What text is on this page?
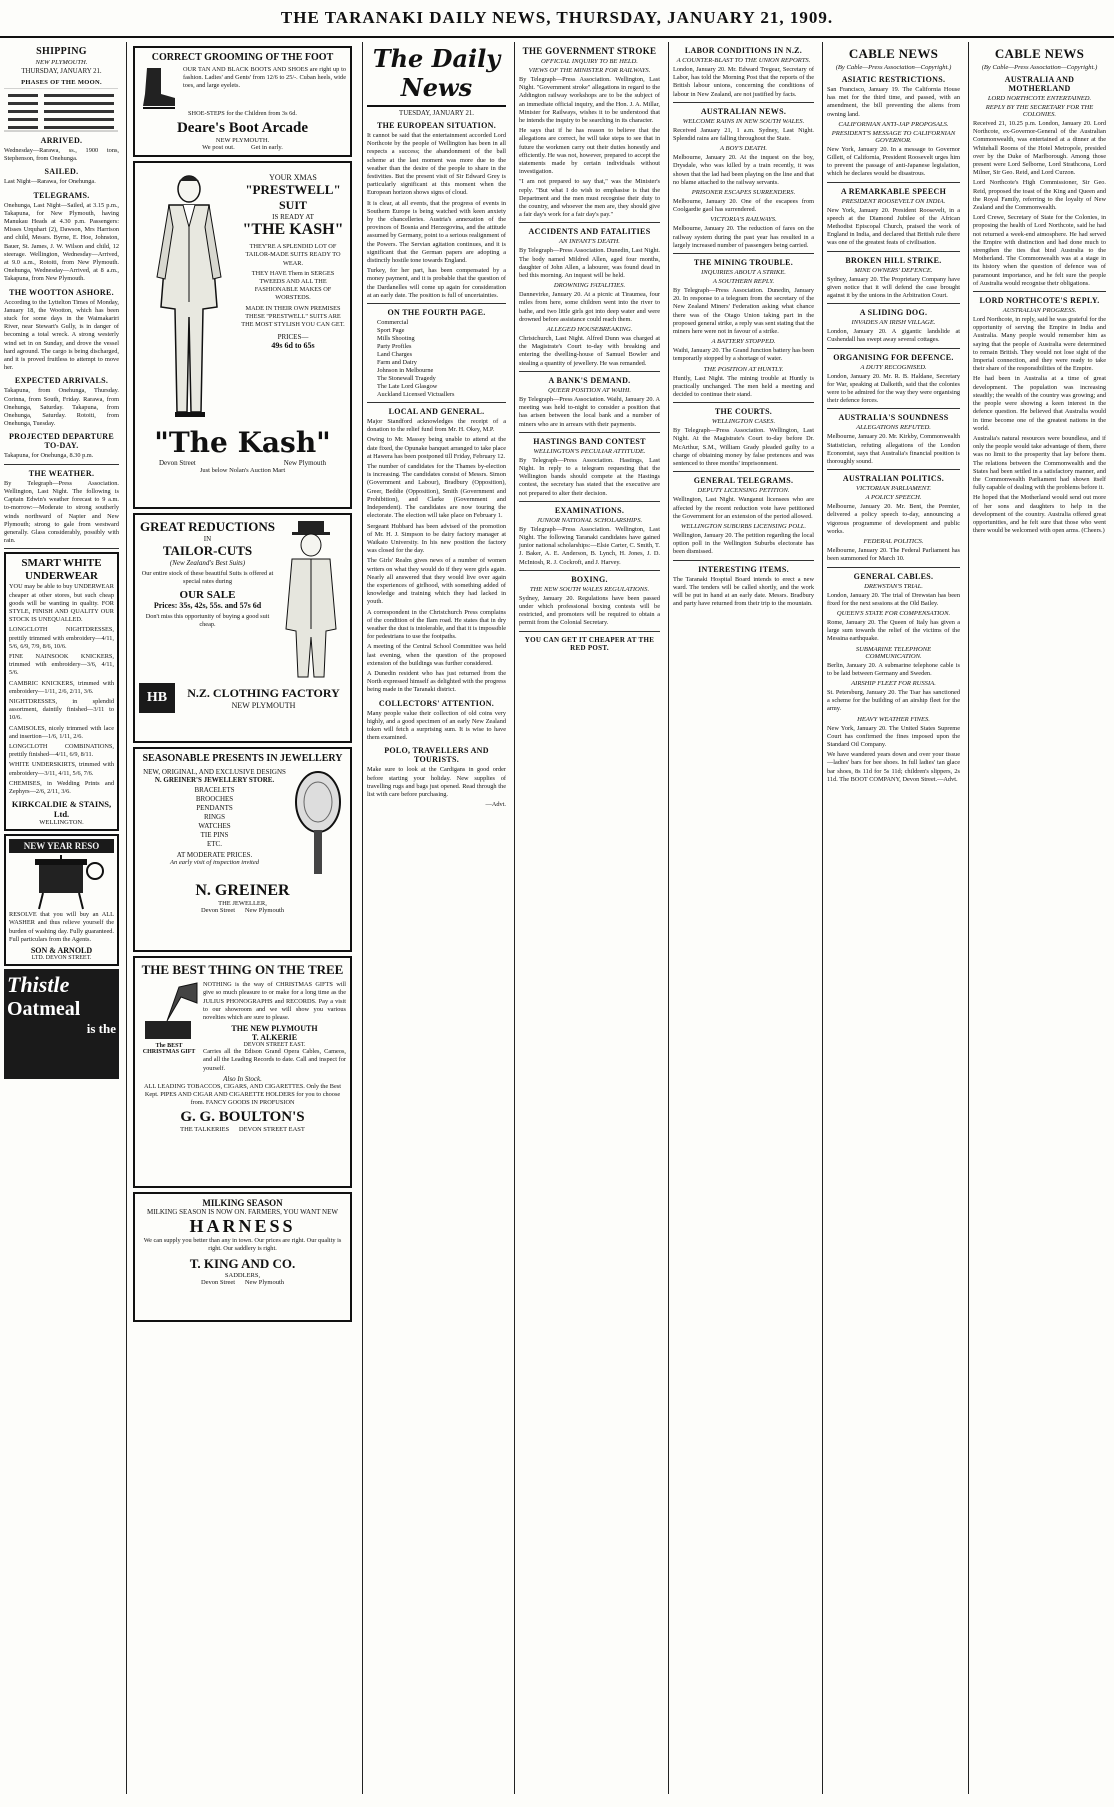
THE TARANAKI DAILY NEWS, THURSDAY, JANUARY 21, 1909.
SHIPPING
NEW PLYMOUTH.
THURSDAY, JANUARY 21.
PHASES OF THE MOON.
ARRIVED.
Wednesday—Rarawa, ss., 1900 tons, Stephenson, from Onehunga.
SAILED.
Last Night—Rarawa, for Onehunga.
TELEGRAMS.
Onehunga, Last Night—Sailed, at 3.15 p.m., Takapuna, for New Plymouth, having Manukau Heads at 4.30 p.m. Passengers: Misses Urquhart (2), Dawson, Mrs Harrison and child, Messrs. Byrne, E. Hoe, Johnston, Bauer, St. James, J. W. Wilson and child, 12 steerage. Wellington, Wednesday—Arrived, at 9.0 a.m., Rotoiti, from New Plymouth. Onehunga, Wednesday—Arrived, at 8 a.m., Takapuna, from New Plymouth.
THE WOOTTON ASHORE.
According to the Lyttelton Times of Monday, January 18, the Wootton, which has been stuck for some days in the Waimakariri River, near Stewart's Gully, is in danger of becoming a total wreck. A strong westerly wind set in on Sunday, and drove the vessel hard aground. The cargo is being discharged, and it is proved fruitless to attempt to move her.
EXPECTED ARRIVALS.
Takapuna, from Onehunga, Thursday. Corinna, from South, Friday. Rarawa, from Onehunga, Saturday. Takapuna, from Onehunga, Saturday. Rotoiti, from Onehunga, Tuesday.
PROJECTED DEPARTURE TO-DAY.
Takapuna, for Onehunga, 8.30 p.m.
THE WEATHER.
By Telegraph—Press Association. Wellington, Last Night. The following is Captain Edwin's weather forecast to 9 a.m. to-morrow:—Moderate to strong southerly winds northward of Napier and New Plymouth; strong to gale from westward generally. Glass considerably, possibly with rain.
SMART WHITE UNDERWEAR
YOU may be able to buy UNDERWEAR cheaper at other stores, but such cheap goods will be wanting in quality. FOR STYLE, FINISH AND QUALITY OUR STOCK IS UNEQUALLED.
LONGCLOTH NIGHTDRESSES, prettily trimmed with embroidery—4/11, 5/6, 6/9, 7/9, 8/6, 10/6.
FINE NAINSOOK KNICKERS, trimmed with embroidery—3/6, 4/11, 5/6.
CAMBRIC KNICKERS, trimmed with embroidery—1/11, 2/6, 2/11, 3/6.
NIGHTDRESSES, in splendid assortment, daintily finished—3/11 to 10/6.
CAMISOLES, nicely trimmed with lace and insertion—1/6, 1/11, 2/6.
LONGCLOTH COMBINATIONS, prettily finished—4/11, 6/9, 8/11.
WHITE UNDERSKIRTS, trimmed with embroidery—3/11, 4/11, 5/6, 7/6.
CHEMISES, in Wedding Prints and Zephyrs—2/6, 2/11, 3/6.
KIRKCALDIE & STAINS, Ltd.
WELLINGTON.
NEW YEAR RESO
RESOLVE that you will buy an ALL WASHER and thus relieve yourself the burden of washing day. Fully guaranteed. Full particulars from the Agents.
SON & ARNOLD
LTD. DEVON STREET.
Thistle
Oatmeal
is the
CORRECT GROOMING OF THE FOOT
OUR TAN AND BLACK BOOTS AND SHOES are right up to fashion. Ladies' and Gents' from 12/6 to 25/-. Cuban heels, wide toes, and large eyelets.
SHOE-STEPS for the Children from 3s 6d.
Deare's Boot Arcade
NEW PLYMOUTH.
We post out.          Get in early.
YOUR XMAS
"PRESTWELL"
SUIT
IS READY AT
"THE KASH"
THEY'RE A SPLENDID LOT OF TAILOR-MADE SUITS READY TO WEAR.
THEY HAVE Them in SERGES TWEEDS AND ALL THE FASHIONABLE MAKES OF WORSTEDS.
MADE IN THEIR OWN PREMISES THESE "PRESTWELL" SUITS ARE THE MOST STYLISH YOU CAN GET.
PRICES—
49s 6d to 65s
"The Kash"
Devon Street	New Plymouth
Just below Nolan's Auction Mart
GREAT REDUCTIONS
IN
TAILOR-CUTS
(New Zealand's Best Suits)
Our entire stock of these beautiful Suits is offered at special rates during
OUR SALE
Prices: 35s, 42s, 55s. and 57s 6d
Don't miss this opportunity of buying a good suit cheap.
HB	N.Z. CLOTHING FACTORY
NEW PLYMOUTH
SEASONABLE PRESENTS IN JEWELLERY
NEW, ORIGINAL, AND EXCLUSIVE DESIGNS
N. GREINER'S JEWELLERY STORE.
BRACELETS
BROOCHES
PENDANTS
RINGS
WATCHES
TIE PINS
ETC.
AT MODERATE PRICES.
An early visit of inspection invited
N. GREINER
THE JEWELLER,
Devon Street      New Plymouth
THE BEST THING ON THE TREE
The BEST CHRISTMAS GIFT
NOTHING is the way of CHRISTMAS GIFTS will give so much pleasure to or make for a long time as the JULIUS PHONOGRAPHS and RECORDS. Pay a visit to our showroom and we will show you various novelties which are sure to please.
THE NEW PLYMOUTH
T. ALKERIE
DEVON STREET EAST.
Carries all the Edison Grand Opera Cables, Cameos, and all the Leading Records to date. Call and inspect for yourself.
Also In Stock.
ALL LEADING TOBACCOS, CIGARS, AND CIGARETTES. Only the Best Kept. PIPES AND CIGAR AND CIGARETTE HOLDERS for you to choose from. FANCY GOODS IN PROFUSION
G. G. BOULTON'S
THE TALKERIES      DEVON STREET EAST
MILKING SEASON
MILKING SEASON IS NOW ON. FARMERS, YOU WANT NEW
HARNESS
We can supply you better than any in town. Our prices are right. Our quality is right. Our saddlery is right.
T. KING AND CO.
SADDLERS,
Devon Street      New Plymouth
The Daily News
TUESDAY, JANUARY 21.
THE EUROPEAN SITUATION.
It cannot be said that the entertainment accorded Lord Northcote by the people of Wellington has been in all respects a success; the abandonment of the ball scheme at the last moment was more due to the weather than the desire of the people to share in the festivities. But the present visit of Sir Edward Grey is particularly significant at this moment when the European horizon shows signs of cloud.
It is clear, at all events, that the progress of events in Southern Europe is being watched with keen anxiety by the chancelleries. Austria's annexation of the provinces of Bosnia and Herzegovina, and the attitude assumed by Germany, point to a serious realignment of the Powers. The Servian agitation continues, and it is significant that the German papers are adopting a distinctly hostile tone towards England.
Turkey, for her part, has been compensated by a money payment, and it is probable that the question of the Dardanelles will come up again for consideration at an early date. The position is full of uncertainties.
ON THE FOURTH PAGE.
Commercial
Sport Page
Mills Shooting
Party Profiles
Land Charges
Farm and Dairy
Johnson in Melbourne
The Stonewall Tragedy
The Late Lord Glasgow
Auckland Licensed Victuallers
LOCAL AND GENERAL.
Major Standford acknowledges the receipt of a donation to the relief fund from Mr. H. Okey, M.P.
Owing to Mr. Massey being unable to attend at the date fixed, the Opunake banquet arranged to take place at Hawera has been postponed till Friday, February 12.
The number of candidates for the Thames by-election is increasing. The candidates consist of Messrs. Simon (Government and Labour), Bradbury (Opposition), Greer, Beddie (Opposition), Smith (Government and Prohibition), and Clarke (Government and Independent). The candidates are now touring the electorate. The election will take place on February 1.
Sergeant Hubbard has been advised of the promotion of Mr. H. J. Simpson to be dairy factory manager at Waikato University. In his new position the factory was closed for the day.
The Girls' Realm gives news of a number of women writers on what they would do if they were girls again. Nearly all answered that they would live over again the experiences of girlhood, with something added of knowledge and training which they had lacked in youth.
A correspondent in the Christchurch Press complains of the condition of the Ilam road. He states that in dry weather the dust is intolerable, and that it is impossible for pedestrians to use the footpaths.
A meeting of the Central School Committee was held last evening, when the question of the proposed extension of the buildings was further considered.
A Dunedin resident who has just returned from the North expressed himself as delighted with the progress being made in the Taranaki district.
COLLECTORS' ATTENTION.
Many people value their collection of old coins very highly, and a good specimen of an early New Zealand token will fetch a surprising sum. It is wise to have them examined.
POLO, TRAVELLERS AND TOURISTS.
Make sure to look at the Cardigans in good order before starting your holiday. New supplies of travelling rugs and bags just opened. Read through the list with care before purchasing.
—Advt.
THE GOVERNMENT STROKE
OFFICIAL INQUIRY TO BE HELD.
VIEWS OF THE MINISTER FOR RAILWAYS.
By Telegraph—Press Association. Wellington, Last Night. "Government stroke" allegations in regard to the Addington railway workshops are to be the subject of an immediate official inquiry, and the Hon. J. A. Millar, Minister for Railways, wishes it to be understood that he intends the inquiry to be searching in its character.
He says that if he has reason to believe that the allegations are correct, he will take steps to see that in future the workmen carry out their duties honestly and efficiently. He was not, however, prepared to accept the statements made by certain individuals without investigation.
"I am not prepared to say that," was the Minister's reply. "But what I do wish to emphasise is that the Department and the men must recognise their duty to the country, and whoever the men are, they should give a fair day's work for a fair day's pay."
ACCIDENTS AND FATALITIES
AN INFANT'S DEATH.
By Telegraph—Press Association. Dunedin, Last Night. The body named Mildred Allen, aged four months, daughter of John Allen, a labourer, was found dead in bed this morning. An inquest will be held.
DROWNING FATALITIES.
Dannevirke, January 20. At a picnic at Tiraumea, four miles from here, some children went into the river to bathe, and two little girls got into deep water and were drowned before assistance could reach them.
ALLEGED HOUSEBREAKING.
Christchurch, Last Night. Alfred Dunn was charged at the Magistrate's Court to-day with breaking and entering the dwelling-house of Samuel Bowler and stealing a quantity of jewellery. He was remanded.
A BANK'S DEMAND.
QUEER POSITION AT WAIHI.
By Telegraph—Press Association. Waihi, January 20. A meeting was held to-night to consider a position that has arisen between the local bank and a number of miners who are in arrears with their payments.
HASTINGS BAND CONTEST
WELLINGTON'S PECULIAR ATTITUDE.
By Telegraph—Press Association. Hastings, Last Night. In reply to a telegram requesting that the Wellington bands should compete at the Hastings contest, the secretary has stated that the executive are not prepared to alter their decision.
EXAMINATIONS.
JUNIOR NATIONAL SCHOLARSHIPS.
By Telegraph—Press Association. Wellington, Last Night. The following Taranaki candidates have gained junior national scholarships:—Elsie Carter, C. Smith, T. J. Baker, A. E. Anderson, B. Lynch, H. Jones, J. D. McIntosh, R. J. Cockroft, and J. Harvey.
BOXING.
THE NEW SOUTH WALES REGULATIONS.
Sydney, January 20. Regulations have been passed under which professional boxing contests will be restricted, and promoters will be required to obtain a permit from the Colonial Secretary.
YOU CAN GET IT CHEAPER AT THE RED POST.
LABOR CONDITIONS IN N.Z.
A COUNTER-BLAST TO THE UNION REPORTS.
London, January 20. Mr. Edward Tregear, Secretary of Labor, has told the Morning Post that the reports of the British labour unions, concerning the conditions of labour in New Zealand, are not justified by facts.
AUSTRALIAN NEWS.
WELCOME RAINS IN NEW SOUTH WALES.
Received January 21, 1 a.m. Sydney, Last Night. Splendid rains are falling throughout the State.
A BOY'S DEATH.
Melbourne, January 20. At the inquest on the boy, Drysdale, who was killed by a train recently, it was shown that the lad had been playing on the line and that no blame attached to the railway servants.
PRISONER ESCAPES SURRENDERS.
Melbourne, January 20. One of the escapees from Coolgardie gaol has surrendered.
VICTORIA'S RAILWAYS.
Melbourne, January 20. The reduction of fares on the railway system during the past year has resulted in a largely increased number of passengers being carried.
THE MINING TROUBLE.
INQUIRIES ABOUT A STRIKE.
A SOUTHERN REPLY.
By Telegraph—Press Association. Dunedin, January 20. In response to a telegram from the secretary of the New Zealand Miners' Federation asking what chance there was of the Otago Union taking part in the proposed general strike, a reply was sent stating that the miners here were not in favour of a strike.
A BATTERY STOPPED.
Waihi, January 20. The Grand Junction battery has been temporarily stopped by a shortage of water.
THE POSITION AT HUNTLY.
Huntly, Last Night. The mining trouble at Huntly is practically unchanged. The men held a meeting and decided to continue their stand.
THE COURTS.
WELLINGTON CASES.
By Telegraph—Press Association. Wellington, Last Night. At the Magistrate's Court to-day before Dr. McArthur, S.M., William Grady pleaded guilty to a charge of obtaining money by false pretences and was sentenced to three months' imprisonment.
GENERAL TELEGRAMS.
DEPUTY LICENSING PETITION.
Wellington, Last Night. Wanganui licensees who are affected by the recent reduction vote have petitioned the Government for an extension of the period allowed.
WELLINGTON SUBURBS LICENSING POLL.
Wellington, January 20. The petition regarding the local option poll in the Wellington Suburbs electorate has been dismissed.
INTERESTING ITEMS.
The Taranaki Hospital Board intends to erect a new ward. The tenders will be called shortly, and the work will be put in hand at an early date. Messrs. Bradbury and party have returned from their trip to the mountain.
CABLE NEWS
(By Cable—Press Association—Copyright.)
ASIATIC RESTRICTIONS.
San Francisco, January 19. The California House has met for the third time, and passed, with an amendment, the bill preventing the aliens from owning land.
CALIFORNIAN ANTI-JAP PROPOSALS.
PRESIDENT'S MESSAGE TO CALIFORNIAN GOVERNOR.
New York, January 20. In a message to Governor Gillett, of California, President Roosevelt urges him to prevent the passage of anti-Japanese legislation, which he declares would be disastrous.
A REMARKABLE SPEECH
PRESIDENT ROOSEVELT ON INDIA.
New York, January 20. President Roosevelt, in a speech at the Diamond Jubilee of the African Methodist Episcopal Church, praised the work of England in India, and declared that British rule there was one of the greatest feats of civilisation.
BROKEN HILL STRIKE.
MINE OWNERS' DEFENCE.
Sydney, January 20. The Proprietary Company have given notice that it will defend the case brought against it by the unions in the Arbitration Court.
A SLIDING DOG.
INVADES AN IRISH VILLAGE.
London, January 20. A gigantic landslide at Cushendall has swept away several cottages.
ORGANISING FOR DEFENCE.
A DUTY RECOGNISED.
London, January 20. Mr. R. B. Haldane, Secretary for War, speaking at Dalkeith, said that the colonies were to be admired for the way they were organising their defence forces.
AUSTRALIA'S SOUNDNESS
ALLEGATIONS REFUTED.
Melbourne, January 20. Mr. Kirkby, Commonwealth Statistician, refuting allegations of the London Economist, says that Australia's financial position is thoroughly sound.
AUSTRALIAN POLITICS.
VICTORIAN PARLIAMENT.
A POLICY SPEECH.
Melbourne, January 20. Mr. Bent, the Premier, delivered a policy speech to-day, announcing a vigorous programme of development and public works.
FEDERAL POLITICS.
Melbourne, January 20. The Federal Parliament has been summoned for March 10.
GENERAL CABLES.
DREWSTAN'S TRIAL.
London, January 20. The trial of Drewstan has been fixed for the next sessions at the Old Bailey.
QUEEN'S STATE FOR COMPENSATION.
Rome, January 20. The Queen of Italy has given a large sum towards the relief of the victims of the Messina earthquake.
SUBMARINE TELEPHONE COMMUNICATION.
Berlin, January 20. A submarine telephone cable is to be laid between Germany and Sweden.
AIRSHIP FLEET FOR RUSSIA.
St. Petersburg, January 20. The Tsar has sanctioned a scheme for the building of an airship fleet for the army.
HEAVY WEATHER FINES.
New York, January 20. The United States Supreme Court has confirmed the fines imposed upon the Standard Oil Company.
We have wandered years down and over your tissue—ladies' bars for bee shoes. In full ladies' tan glace bar shoes, 8s 11d for 5s 11d; children's slippers, 2s 11d. The BOOT COMPANY, Devon Street.—Advt.
CABLE NEWS
(By Cable—Press Association—Copyright.)
AUSTRALIA AND MOTHERLAND
LORD NORTHCOTE ENTERTAINED.
REPLY BY THE SECRETARY FOR THE COLONIES.
Received 21, 10.25 p.m. London, January 20. Lord Northcote, ex-Governor-General of the Australian Commonwealth, was entertained at a dinner at the Whitehall Rooms of the Hotel Metropole, presided over by the Duke of Marlborough. Among those present were Lord Selborne, Lord Strathcona, Lord Milner, Sir Geo. Reid, and Lord Curzon.
Lord Northcote's High Commissioner, Sir Geo. Reid, proposed the toast of the King and Queen and the Royal Family, referring to the loyalty of New Zealand and the Commonwealth.
Lord Crewe, Secretary of State for the Colonies, in proposing the health of Lord Northcote, said he had not returned a week-end atmosphere. He had served the Empire with distinction and had done much to strengthen the ties that bind Australia to the Motherland. The Commonwealth was at a stage in its history when the question of defence was of paramount importance, and he felt sure the people of Australia would recognise their obligations.
LORD NORTHCOTE'S REPLY.
AUSTRALIAN PROGRESS.
Lord Northcote, in reply, said he was grateful for the opportunity of serving the Empire in India and Australia. Many people would remember him as saying that the people of Australia were determined to remain British. They would not lose sight of the Imperial connection, and they were ready to take their share of the responsibilities of the Empire.
He had been in Australia at a time of great development. The population was increasing steadily; the wealth of the country was growing; and the people were showing a keen interest in the defence question. He believed that Australia would in time become one of the greatest nations in the world.
Australia's natural resources were boundless, and if only the people would take advantage of them, there was no limit to the prosperity that lay before them. The relations between the Commonwealth and the States had been settled in a satisfactory manner, and the Commonwealth Parliament had shown itself fully capable of dealing with the problems before it.
He hoped that the Motherland would send out more of her sons and daughters to help in the development of the country. Australia offered great opportunities, and he felt sure that those who went there would be welcomed with open arms. (Cheers.)
